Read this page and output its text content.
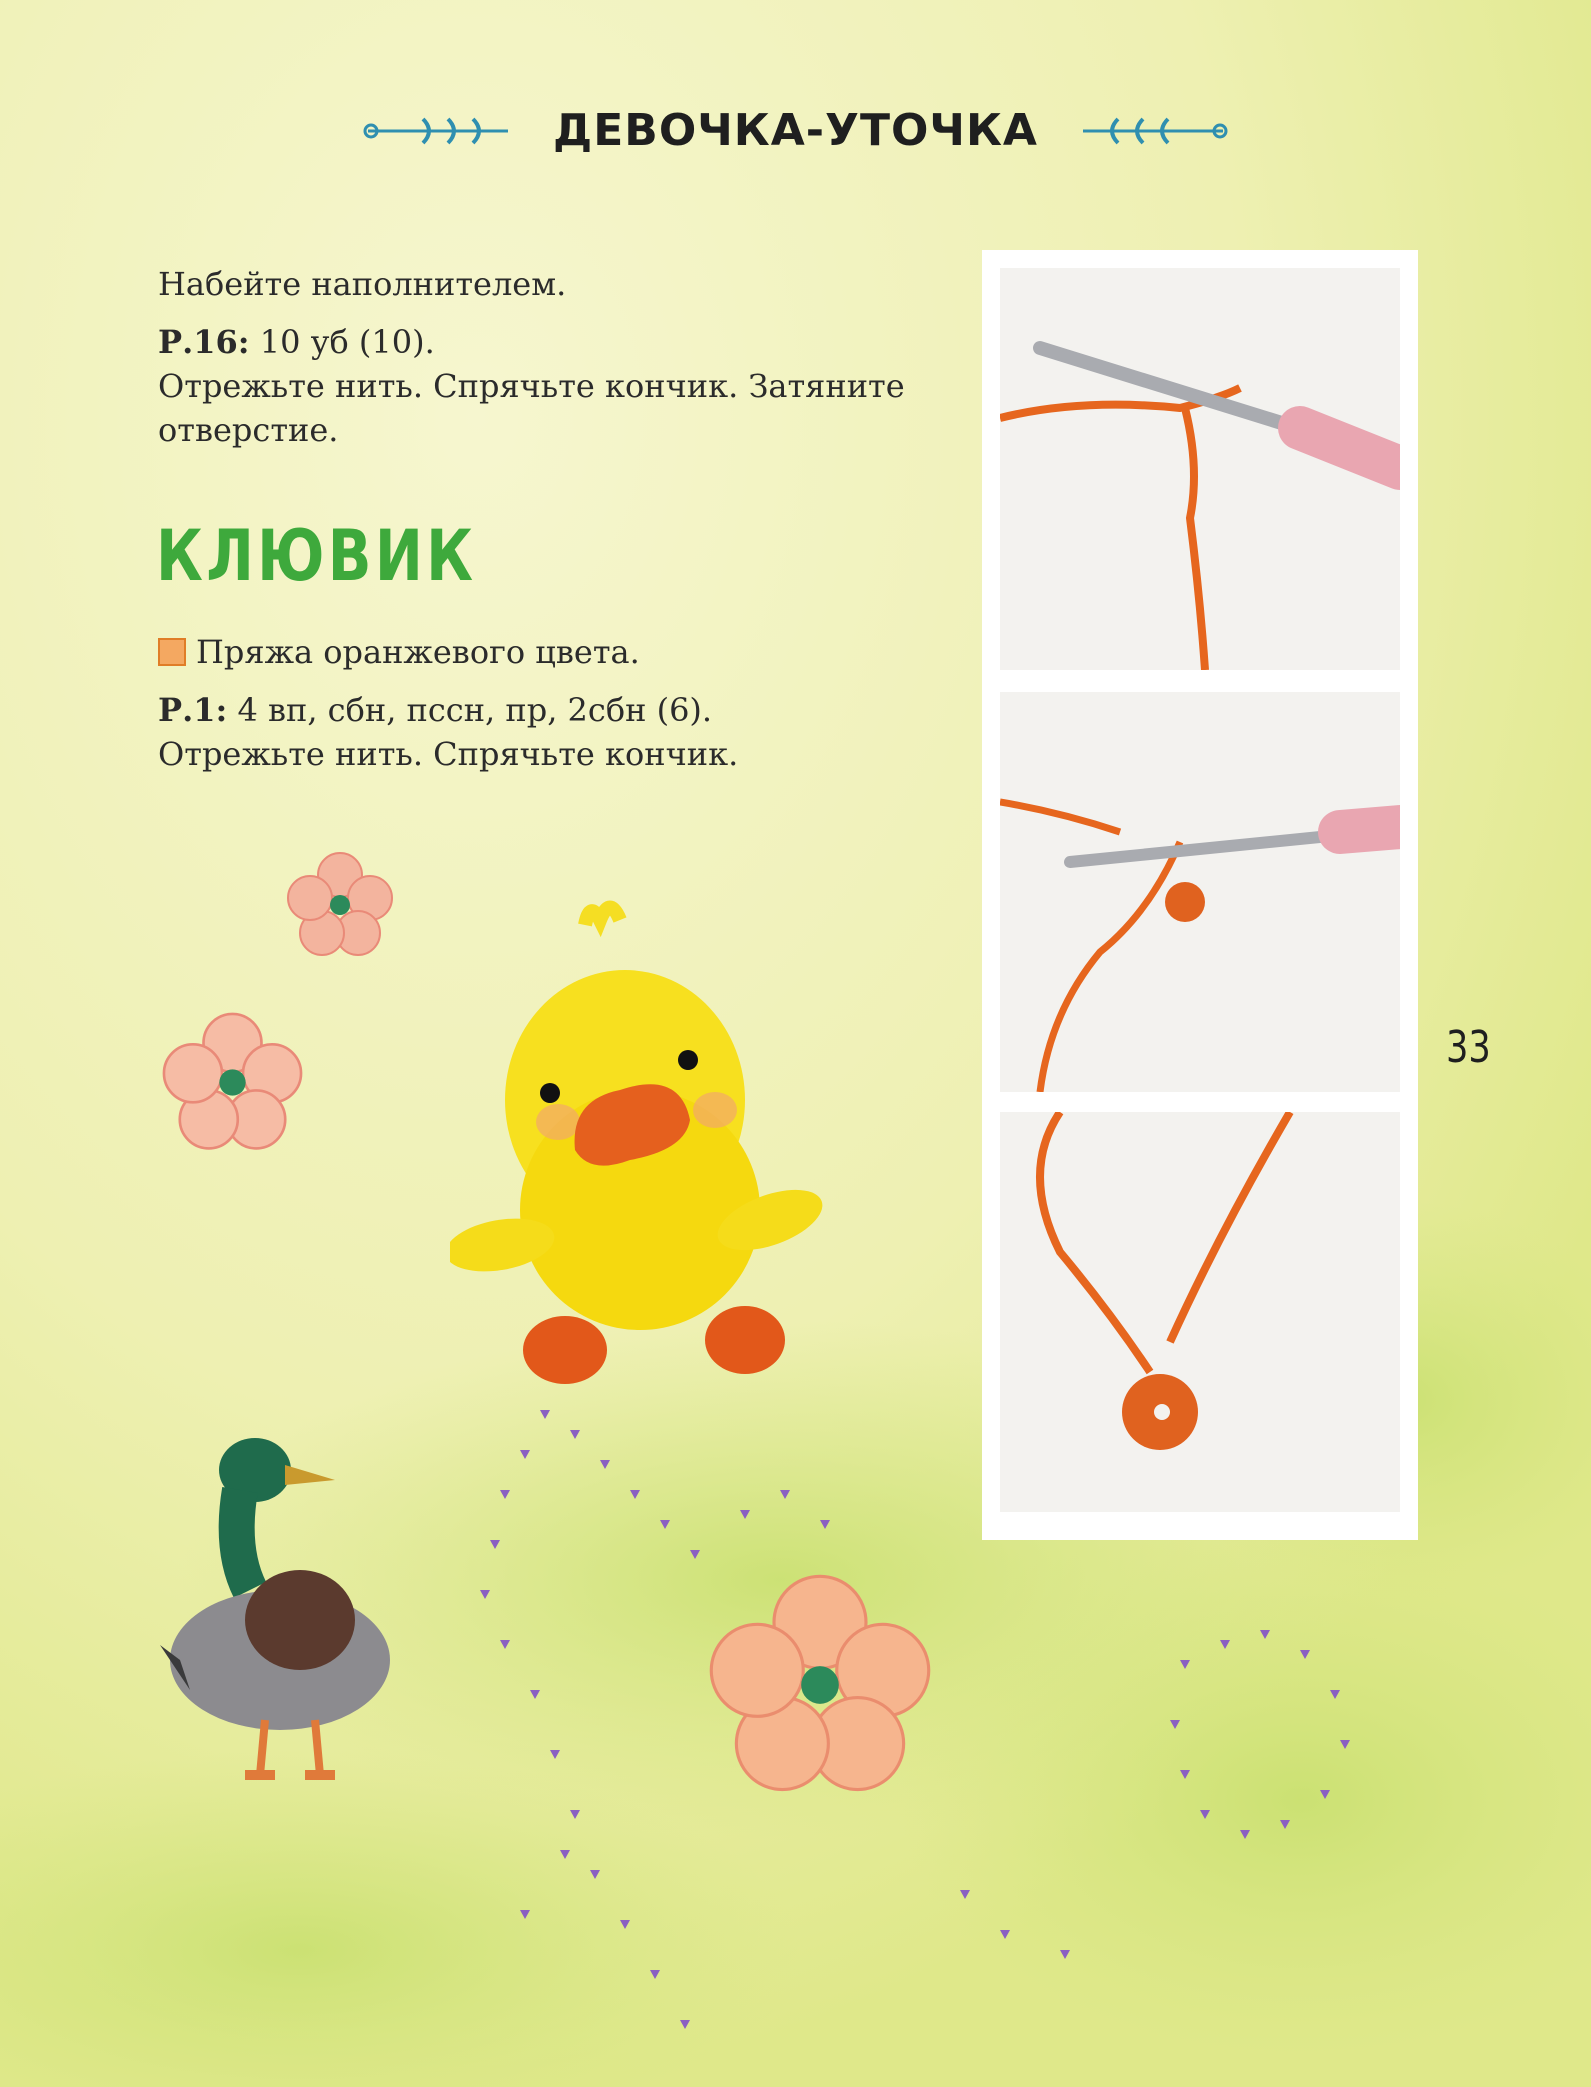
ДЕВОЧКА-УТОЧКА

Набейте наполнителем.

Р.16: 10 уб (10).

Отрежьте нить. Спрячьте кончик. Затяните

отверстие.

КЛЮВИК

Пряжа оранжевого цвета.

Р.1: 4 вп, сбн, пссн, пр, 2сбн (6).

Отрежьте нить. Спрячьте кончик.

33
